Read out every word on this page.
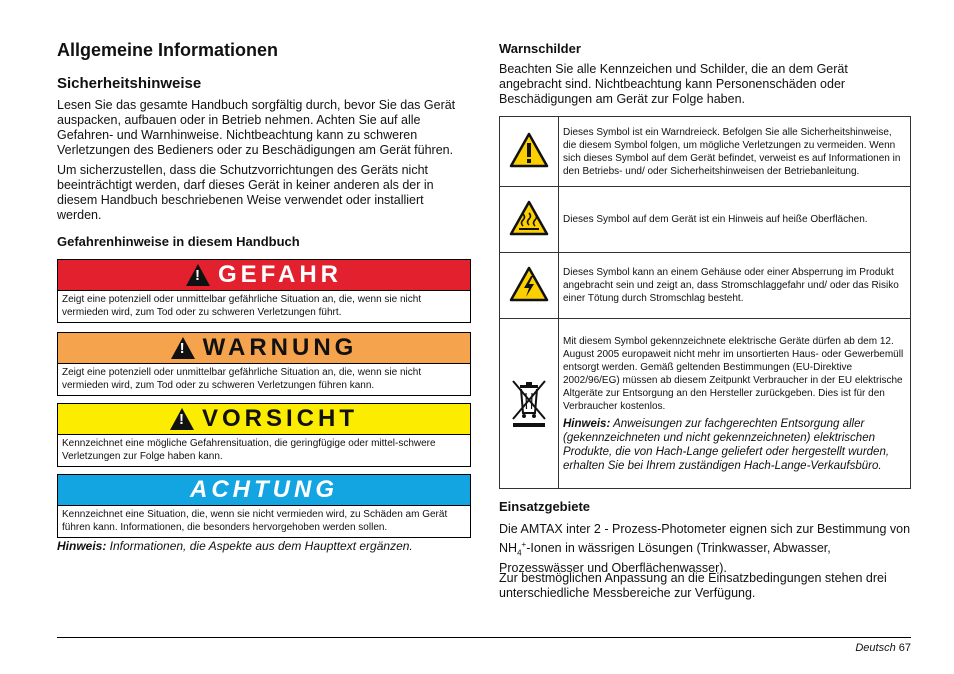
Allgemeine Informationen
Sicherheitshinweise

Lesen Sie das gesamte Handbuch sorgfältig durch, bevor Sie das Gerät auspacken, aufbauen oder in Betrieb nehmen. Achten Sie auf alle Gefahren- und Warnhinweise. Nichtbeachtung kann zu schweren Verletzungen des Bedieners oder zu Beschädigungen am Gerät führen.

Um sicherzustellen, dass die Schutzvorrichtungen des Geräts nicht beeinträchtigt werden, darf dieses Gerät in keiner anderen als der in diesem Handbuch beschriebenen Weise verwendet oder installiert werden.

Gefahrenhinweise in diesem Handbuch
!
GEFAHR
Zeigt eine potenziell oder unmittelbar gefährliche Situation an, die, wenn sie nicht vermieden wird, zum Tod oder zu schweren Verletzungen führt.
!
WARNUNG
Zeigt eine potenziell oder unmittelbar gefährliche Situation an, die, wenn sie nicht vermieden wird, zum Tod oder zu schweren Verletzungen führen kann.
!
VORSICHT
Kennzeichnet eine mögliche Gefahrensituation, die geringfügige oder mittel-schwere Verletzungen zur Folge haben kann.
ACHTUNG
Kennzeichnet eine Situation, die, wenn sie nicht vermieden wird, zu Schäden am Gerät führen kann. Informationen, die besonders hervorgehoben werden sollen.

Hinweis: Informationen, die Aspekte aus dem Haupttext ergänzen.

Warnschilder

Beachten Sie alle Kennzeichen und Schilder, die an dem Gerät angebracht sind. Nichtbeachtung kann Personenschäden oder Beschädigungen am Gerät zur Folge haben.

	Dieses Symbol ist ein Warndreieck. Befolgen Sie alle Sicherheitshinweise, die diesem Symbol folgen, um mögliche Verletzungen zu vermeiden. Wenn sich dieses Symbol auf dem Gerät befindet, verweist es auf Informationen in den Betriebs- und/ oder Sicherheitshinweisen der Betriebanleitung.
	Dieses Symbol auf dem Gerät ist ein Hinweis auf heiße Oberflächen.
	Dieses Symbol kann an einem Gehäuse oder einer Absperrung im Produkt angebracht sein und zeigt an, dass Stromschlaggefahr und/ oder das Risiko einer Tötung durch Stromschlag besteht.

Mit diesem Symbol gekennzeichnete elektrische Geräte dürfen ab dem 12. August 2005 europaweit nicht mehr im unsortierten Haus- oder Gewerbemüll entsorgt werden. Gemäß geltenden Bestimmungen (EU-Direktive 2002/96/EG) müssen ab diesem Zeitpunkt Verbraucher in der EU elektrische Altgeräte zur Entsorgung an den Hersteller zurückgeben. Dies ist für den Verbraucher kostenlos.
Hinweis: Anweisungen zur fachgerechten Entsorgung aller (gekennzeichneten und nicht gekennzeichneten) elektrischen Produkte, die von Hach-Lange geliefert oder hergestellt wurden, erhalten Sie bei Ihrem zuständigen Hach-Lange-Verkaufsbüro.
Einsatzgebiete

Die AMTAX inter 2 - Prozess-Photometer eignen sich zur Bestimmung von $NH_4^+$-Ionen in wässrigen Lösungen (Trinkwasser, Abwasser, Prozesswässer und Oberflächenwasser).

Zur bestmöglichen Anpassung an die Einsatzbedingungen stehen drei unterschiedliche Messbereiche zur Verfügung.

Deutsch 67
